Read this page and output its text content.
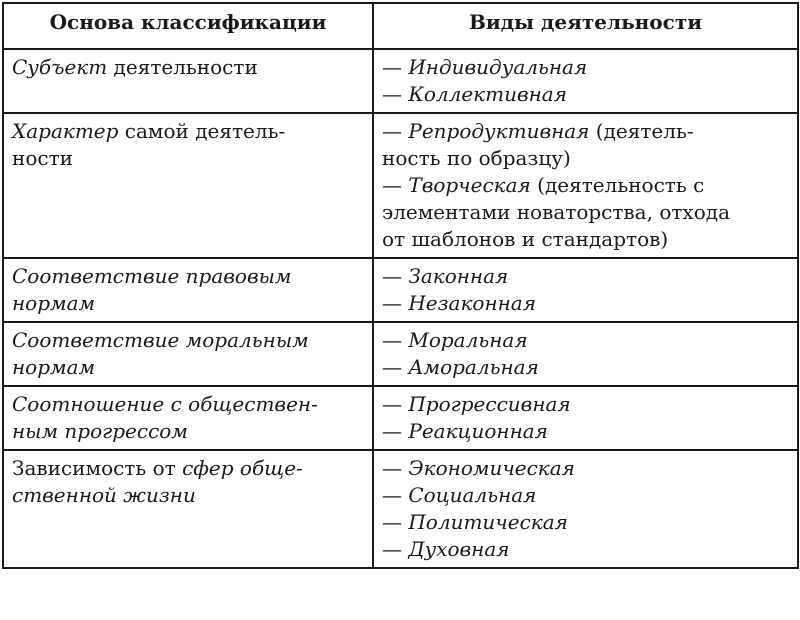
Основа классификации	Виды деятельности

Субъект деятельности	— Индивидуальная
— Коллективная

Характер самой деятель-
ности	— Репродуктивная (деятель-
ность по образцу)
— Творческая (деятельность с
элементами новаторства, отхода
от шаблонов и стандартов)

Соответствие правовым
нормам	— Законная
— Незаконная

Соответствие моральным
нормам	— Моральная
— Аморальная

Соотношение с обществен-
ным прогрессом	— Прогрессивная
— Реакционная

Зависимость от сфер обще-
ственной жизни	— Экономическая
— Социальная
— Политическая
— Духовная
